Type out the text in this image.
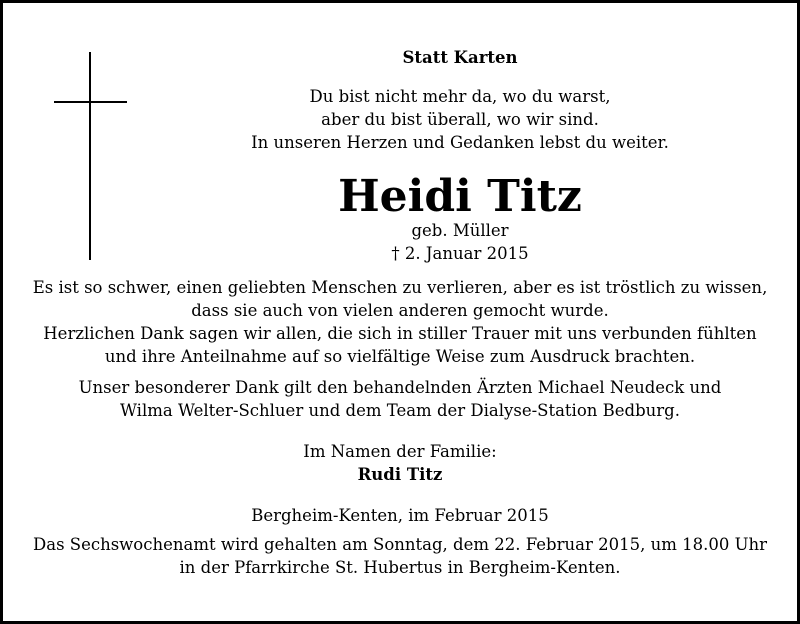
Statt Karten
Du bist nicht mehr da, wo du warst,
aber du bist überall, wo wir sind.
In unseren Herzen und Gedanken lebst du weiter.
Heidi Titz
geb. Müller
† 2. Januar 2015
Es ist so schwer, einen geliebten Menschen zu verlieren, aber es ist tröstlich zu wissen,
dass sie auch von vielen anderen gemocht wurde.
Herzlichen Dank sagen wir allen, die sich in stiller Trauer mit uns verbunden fühlten
und ihre Anteilnahme auf so vielfältige Weise zum Ausdruck brachten.
Unser besonderer Dank gilt den behandelnden Ärzten Michael Neudeck und
Wilma Welter-Schluer und dem Team der Dialyse-Station Bedburg.
Im Namen der Familie:
Rudi Titz
Bergheim-Kenten, im Februar 2015
Das Sechswochenamt wird gehalten am Sonntag, dem 22. Februar 2015, um 18.00 Uhr
in der Pfarrkirche St. Hubertus in Bergheim-Kenten.
